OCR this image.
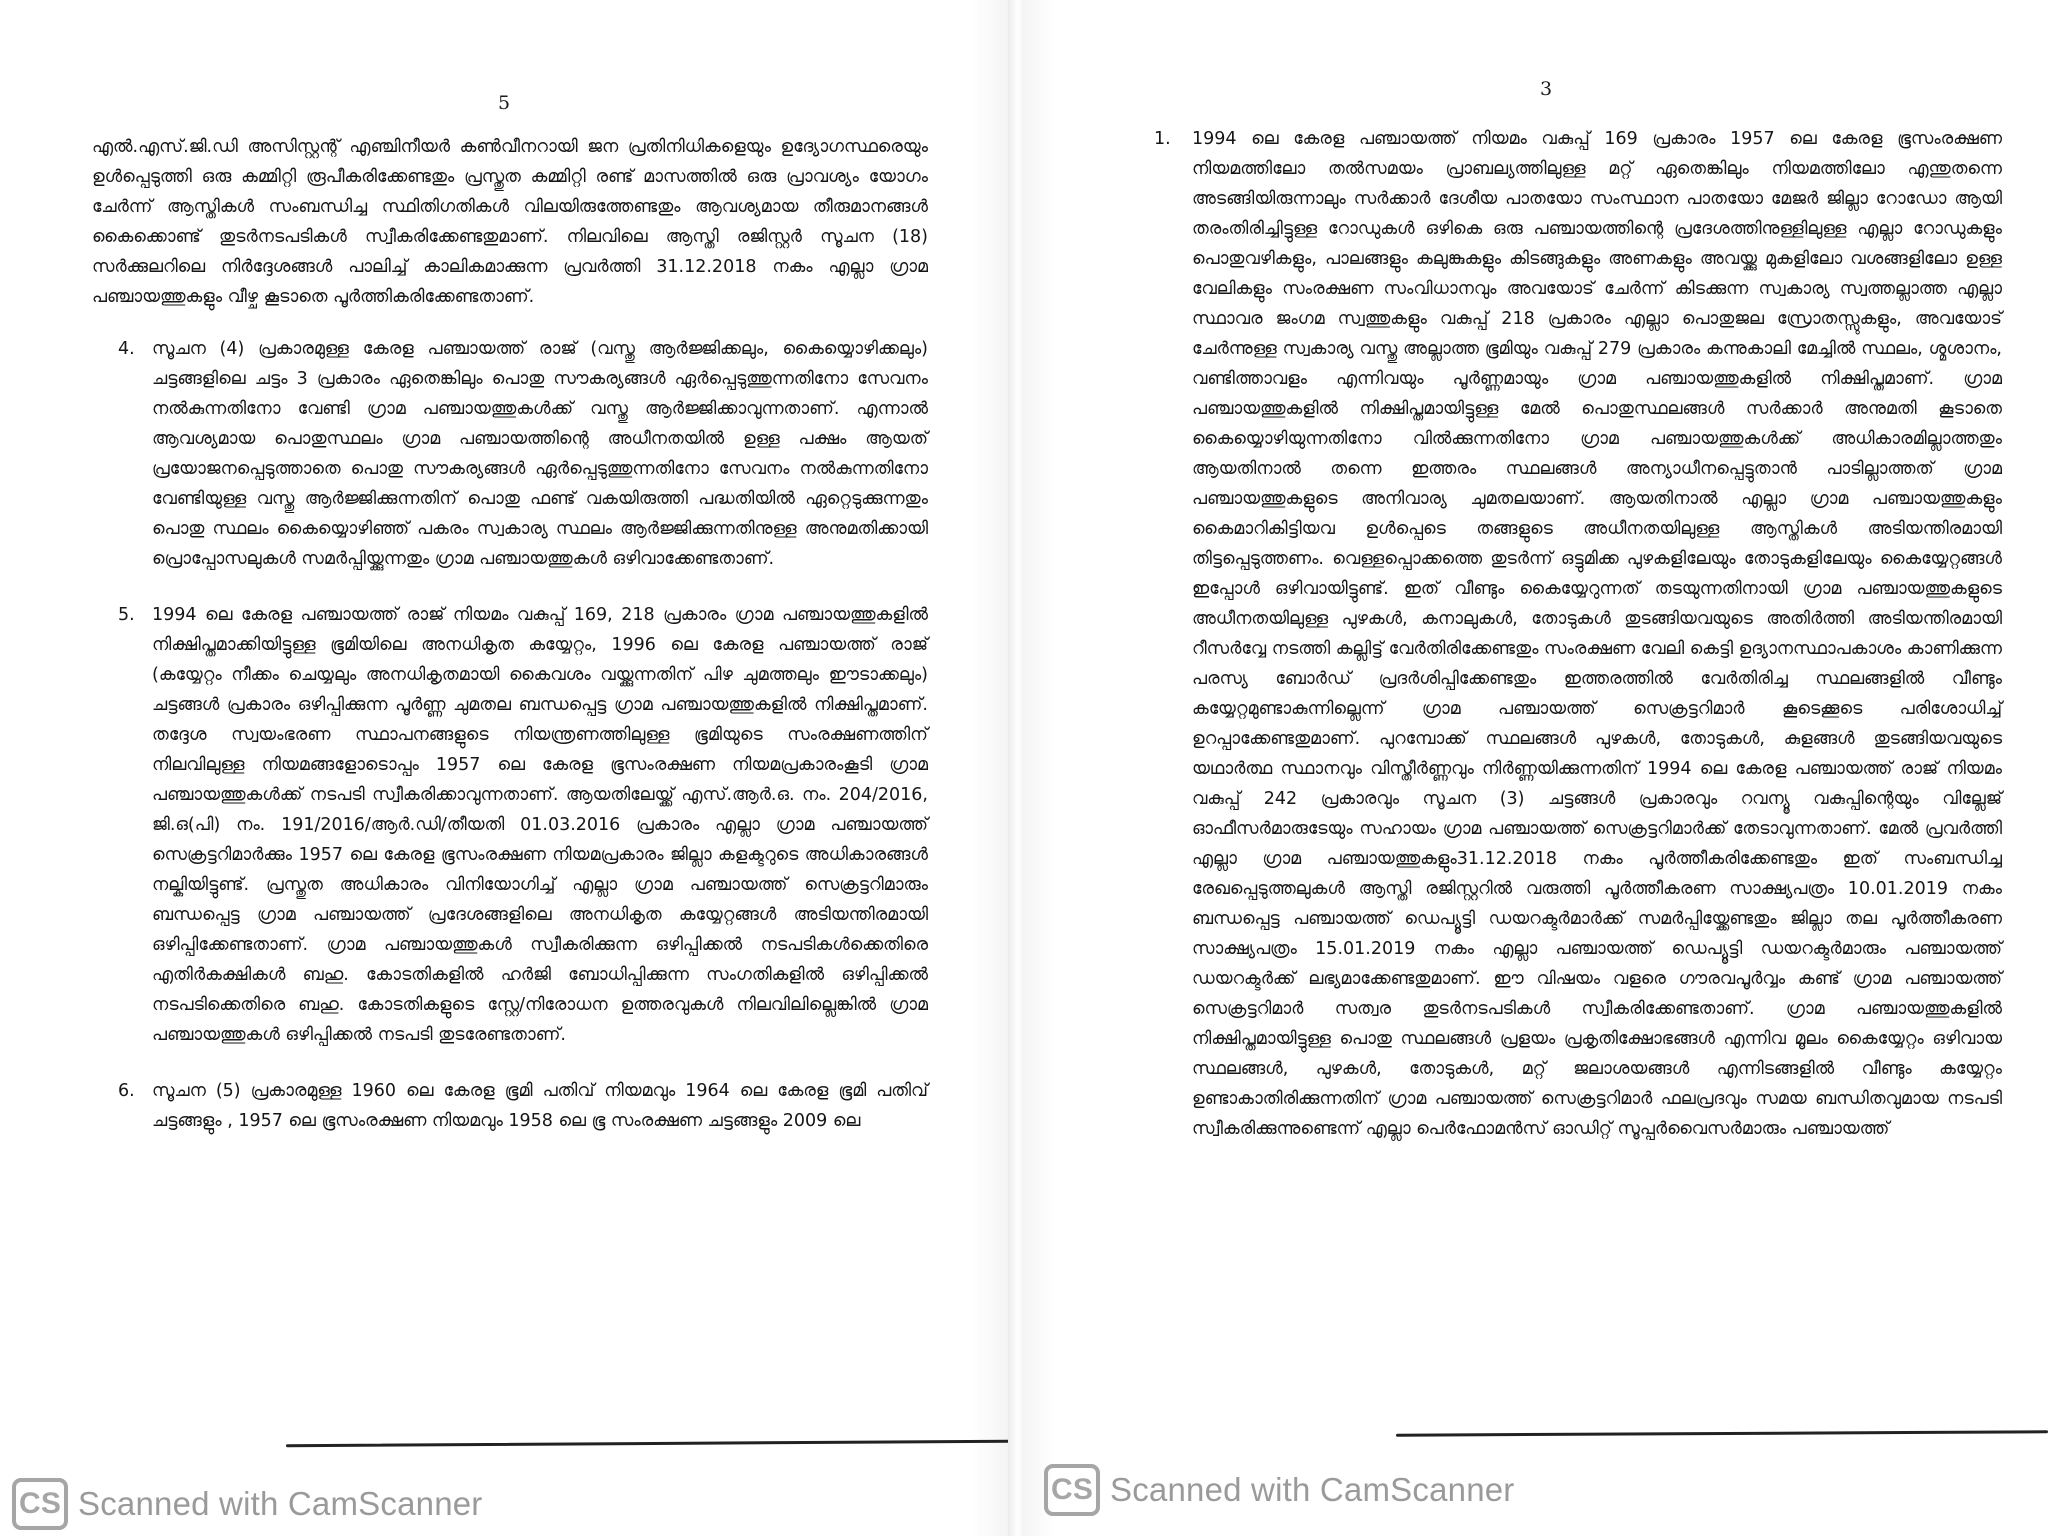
5

എൽ.എസ്.ജി.ഡി അസിസ്റ്റന്റ് എഞ്ചിനീയർ കൺവീനറായി ജന പ്രതിനിധികളെയും ഉദ്യോഗസ്ഥരെയും ഉൾപ്പെടുത്തി ഒരു കമ്മിറ്റി രൂപീകരിക്കേണ്ടതും പ്രസ്തുത കമ്മിറ്റി രണ്ട് മാസത്തിൽ ഒരു പ്രാവശ്യം യോഗം ചേർന്ന് ആസ്തികൾ സംബന്ധിച്ച സ്ഥിതിഗതികൾ വിലയിരുത്തേണ്ടതും ആവശ്യമായ തീരുമാനങ്ങൾ കൈക്കൊണ്ട് തുടർനടപടികൾ സ്വീകരിക്കേണ്ടതുമാണ്. നിലവിലെ ആസ്തി രജിസ്റ്റർ സൂചന (18) സർക്കുലറിലെ നിർദ്ദേശങ്ങൾ പാലിച്ച് കാലികമാക്കുന്ന പ്രവർത്തി 31.12.2018 നകം എല്ലാ ഗ്രാമ പഞ്ചായത്തുകളും വീഴ്ച കൂടാതെ പൂർത്തികരിക്കേണ്ടതാണ്.

4. സൂചന (4) പ്രകാരമുള്ള കേരള പഞ്ചായത്ത് രാജ് (വസ്തു ആർജ്ജിക്കലും, കൈയ്യൊഴിക്കലും) ചട്ടങ്ങളിലെ ചട്ടം 3 പ്രകാരം ഏതെങ്കിലും പൊതു സൗകര്യങ്ങൾ ഏർപ്പെടുത്തുന്നതിനോ സേവനം നൽകുന്നതിനോ വേണ്ടി ഗ്രാമ പഞ്ചായത്തുകൾക്ക് വസ്തു ആർജ്ജിക്കാവുന്നതാണ്. എന്നാൽ ആവശ്യമായ പൊതുസ്ഥലം ഗ്രാമ പഞ്ചായത്തിന്റെ അധീനതയിൽ ഉള്ള പക്ഷം ആയത് പ്രയോജനപ്പെടുത്താതെ പൊതു സൗകര്യങ്ങൾ ഏർപ്പെടുത്തുന്നതിനോ സേവനം നൽകുന്നതിനോ വേണ്ടിയുള്ള വസ്തു ആർജ്ജിക്കുന്നതിന് പൊതു ഫണ്ട് വകയിരുത്തി പദ്ധതിയിൽ ഏറ്റെടുക്കുന്നതും പൊതു സ്ഥലം കൈയ്യൊഴിഞ്ഞ് പകരം സ്വകാര്യ സ്ഥലം ആർജ്ജിക്കുന്നതിനുള്ള അനുമതിക്കായി പ്രൊപ്പോസലുകൾ സമർപ്പിയ്ക്കുന്നതും ഗ്രാമ പഞ്ചായത്തുകൾ ഒഴിവാക്കേണ്ടതാണ്.
5. 1994 ലെ കേരള പഞ്ചായത്ത് രാജ് നിയമം വകുപ്പ് 169, 218 പ്രകാരം ഗ്രാമ പഞ്ചായത്തുകളിൽ നിക്ഷിപ്തമാക്കിയിട്ടുള്ള ഭൂമിയിലെ അനധികൃത കയ്യേറ്റം, 1996 ലെ കേരള പഞ്ചായത്ത് രാജ് (കയ്യേറ്റം നീക്കം ചെയ്യലും അനധികൃതമായി കൈവശം വയ്ക്കുന്നതിന് പിഴ ചുമത്തലും ഈടാക്കലും) ചട്ടങ്ങൾ പ്രകാരം ഒഴിപ്പിക്കുന്ന പൂർണ്ണ ചുമതല ബന്ധപ്പെട്ട ഗ്രാമ പഞ്ചായത്തുകളിൽ നിക്ഷിപ്തമാണ്. തദ്ദേശ സ്വയംഭരണ സ്ഥാപനങ്ങളുടെ നിയന്ത്രണത്തിലുള്ള ഭൂമിയുടെ സംരക്ഷണത്തിന് നിലവിലുള്ള നിയമങ്ങളോടൊപ്പം 1957 ലെ കേരള ഭൂസംരക്ഷണ നിയമപ്രകാരംകൂടി ഗ്രാമ പഞ്ചായത്തുകൾക്ക് നടപടി സ്വീകരിക്കാവുന്നതാണ്. ആയതിലേയ്ക്ക് എസ്.ആർ.ഒ. നം. 204/2016, ജി.ഒ(പി) നം. 191/2016/ആർ.ഡി/തീയതി 01.03.2016 പ്രകാരം എല്ലാ ഗ്രാമ പഞ്ചായത്ത് സെക്രട്ടറിമാർക്കും 1957 ലെ കേരള ഭൂസംരക്ഷണ നിയമപ്രകാരം ജില്ലാ കളക്ടറുടെ അധികാരങ്ങൾ നല്കിയിട്ടുണ്ട്. പ്രസ്തുത അധികാരം വിനിയോഗിച്ച് എല്ലാ ഗ്രാമ പഞ്ചായത്ത് സെക്രട്ടറിമാരും ബന്ധപ്പെട്ട ഗ്രാമ പഞ്ചായത്ത് പ്രദേശങ്ങളിലെ അനധികൃത കയ്യേറ്റങ്ങൾ അടിയന്തിരമായി ഒഴിപ്പിക്കേണ്ടതാണ്. ഗ്രാമ പഞ്ചായത്തുകൾ സ്വീകരിക്കുന്ന ഒഴിപ്പിക്കൽ നടപടികൾക്കെതിരെ എതിർകക്ഷികൾ ബഹു. കോടതികളിൽ ഹർജി ബോധിപ്പിക്കുന്ന സംഗതികളിൽ ഒഴിപ്പിക്കൽ നടപടിക്കെതിരെ ബഹു. കോടതികളുടെ സ്റ്റേ/നിരോധന ഉത്തരവുകൾ നിലവിലില്ലെങ്കിൽ ഗ്രാമ പഞ്ചായത്തുകൾ ഒഴിപ്പിക്കൽ നടപടി തുടരേണ്ടതാണ്.
6. സൂചന (5) പ്രകാരമുള്ള 1960 ലെ കേരള ഭൂമി പതിവ് നിയമവും 1964 ലെ കേരള ഭൂമി പതിവ് ചട്ടങ്ങളും , 1957 ലെ ഭൂസംരക്ഷണ നിയമവും 1958 ലെ ഭൂ സംരക്ഷണ ചട്ടങ്ങളും 2009 ലെ
CS Scanned with CamScanner
3
1.	1994 ലെ കേരള പഞ്ചായത്ത് നിയമം വകുപ്പ് 169 പ്രകാരം 1957 ലെ കേരള ഭൂസംരക്ഷണ നിയമത്തിലോ തൽസമയം പ്രാബല്യത്തിലുള്ള മറ്റ് ഏതെങ്കിലും നിയമത്തിലോ എന്തുതന്നെ അടങ്ങിയിരുന്നാലും സർക്കാർ ദേശീയ പാതയോ സംസ്ഥാന പാതയോ മേജർ ജില്ലാ റോഡോ ആയി തരംതിരിച്ചിട്ടുള്ള റോഡുകൾ ഒഴികെ ഒരു പഞ്ചായത്തിന്റെ പ്രദേശത്തിനുള്ളിലുള്ള എല്ലാ റോഡുകളും പൊതുവഴികളും, പാലങ്ങളും കലുങ്കുകളും കിടങ്ങുകളും അണകളും അവയ്ക്കു മുകളിലോ വശങ്ങളിലോ ഉള്ള വേലികളും സംരക്ഷണ സംവിധാനവും അവയോട് ചേർന്ന് കിടക്കുന്ന സ്വകാര്യ സ്വത്തല്ലാത്ത എല്ലാ സ്ഥാവര ജംഗമ സ്വത്തുകളും വകുപ്പ് 218 പ്രകാരം എല്ലാ പൊതുജല സ്രോതസ്സുകളും, അവയോട് ചേർന്നുള്ള സ്വകാര്യ വസ്തു അല്ലാത്ത ഭൂമിയും വകുപ്പ് 279 പ്രകാരം കന്നുകാലി മേച്ചിൽ സ്ഥലം, ശ്മശാനം, വണ്ടിത്താവളം എന്നിവയും പൂർണ്ണമായും ഗ്രാമ പഞ്ചായത്തുകളിൽ നിക്ഷിപ്തമാണ്. ഗ്രാമ പഞ്ചായത്തുകളിൽ നിക്ഷിപ്തമായിട്ടുള്ള മേൽ പൊതുസ്ഥലങ്ങൾ സർക്കാർ അനുമതി കൂടാതെ കൈയ്യൊഴിയുന്നതിനോ വിൽക്കുന്നതിനോ ഗ്രാമ പഞ്ചായത്തുകൾക്ക് അധികാരമില്ലാത്തതും ആയതിനാൽ തന്നെ ഇത്തരം സ്ഥലങ്ങൾ അന്യാധീനപ്പെട്ടുതാൻ പാടില്ലാത്തത് ഗ്രാമ പഞ്ചായത്തുകളുടെ അനിവാര്യ ചുമതലയാണ്. ആയതിനാൽ എല്ലാ ഗ്രാമ പഞ്ചായത്തുകളും കൈമാറികിട്ടിയവ ഉൾപ്പെടെ തങ്ങളുടെ അധീനതയിലുള്ള ആസ്തികൾ അടിയന്തിരമായി തിട്ടപ്പെടുത്തണം. വെള്ളപ്പൊക്കത്തെ തുടർന്ന് ഒട്ടുമിക്ക പുഴകളിലേയും തോടുകളിലേയും കൈയ്യേറ്റങ്ങൾ ഇപ്പോൾ ഒഴിവായിട്ടുണ്ട്. ഇത് വീണ്ടും കൈയ്യേറുന്നത് തടയുന്നതിനായി ഗ്രാമ പഞ്ചായത്തുകളുടെ അധീനതയിലുള്ള പുഴകൾ, കനാലുകൾ, തോടുകൾ തുടങ്ങിയവയുടെ അതിർത്തി അടിയന്തിരമായി റീസർവ്വേ നടത്തി കല്ലിട്ട് വേർതിരിക്കേണ്ടതും സംരക്ഷണ വേലി കെട്ടി ഉദ്യാനസ്ഥാപകാശം കാണിക്കുന്ന പരസ്യ ബോർഡ് പ്രദർശിപ്പിക്കേണ്ടതും ഇത്തരത്തിൽ വേർതിരിച്ച സ്ഥലങ്ങളിൽ വീണ്ടും കയ്യേറ്റമുണ്ടാകുന്നില്ലെന്ന് ഗ്രാമ പഞ്ചായത്ത് സെക്രട്ടറിമാർ കൂടെക്കൂടെ പരിശോധിച്ച് ഉറപ്പാക്കേണ്ടതുമാണ്. പുറമ്പോക്ക് സ്ഥലങ്ങൾ പുഴകൾ, തോടുകൾ, കുളങ്ങൾ തുടങ്ങിയവയുടെ യഥാർത്ഥ സ്ഥാനവും വിസ്തീർണ്ണവും നിർണ്ണയിക്കുന്നതിന് 1994 ലെ കേരള പഞ്ചായത്ത് രാജ് നിയമം വകുപ്പ് 242 പ്രകാരവും സൂചന (3) ചട്ടങ്ങൾ പ്രകാരവും റവന്യൂ വകുപ്പിന്റെയും വില്ലേജ് ഓഫീസർമാരുടേയും സഹായം ഗ്രാമ പഞ്ചായത്ത് സെക്രട്ടറിമാർക്ക് തേടാവുന്നതാണ്. മേൽ പ്രവർത്തി എല്ലാ ഗ്രാമ പഞ്ചായത്തുകളും31.12.2018 നകം പൂർത്തീകരിക്കേണ്ടതും ഇത് സംബന്ധിച്ച രേഖപ്പെടുത്തലുകൾ ആസ്തി രജിസ്റ്ററിൽ വരുത്തി പൂർത്തീകരണ സാക്ഷ്യപത്രം 10.01.2019 നകം ബന്ധപ്പെട്ട പഞ്ചായത്ത് ഡെപ്യൂട്ടി ഡയറക്ടർമാർക്ക് സമർപ്പിയ്ക്കേണ്ടതും ജില്ലാ തല പൂർത്തീകരണ സാക്ഷ്യപത്രം 15.01.2019 നകം എല്ലാ പഞ്ചായത്ത് ഡെപ്യൂട്ടി ഡയറക്ടർമാരും പഞ്ചായത്ത് ഡയറക്ടർക്ക് ലഭ്യമാക്കേണ്ടതുമാണ്. ഈ വിഷയം വളരെ ഗൗരവപൂർവ്വം കണ്ട് ഗ്രാമ പഞ്ചായത്ത് സെക്രട്ടറിമാർ സത്വര തുടർനടപടികൾ സ്വീകരിക്കേണ്ടതാണ്. ഗ്രാമ പഞ്ചായത്തുകളിൽ നിക്ഷിപ്തമായിട്ടുള്ള പൊതു സ്ഥലങ്ങൾ പ്രളയം പ്രകൃതിക്ഷോഭങ്ങൾ എന്നിവ മൂലം കൈയ്യേറ്റം ഒഴിവായ സ്ഥലങ്ങൾ, പുഴകൾ, തോടുകൾ, മറ്റ് ജലാശയങ്ങൾ എന്നിടങ്ങളിൽ വീണ്ടും കയ്യേറ്റം ഉണ്ടാകാതിരിക്കുന്നതിന് ഗ്രാമ പഞ്ചായത്ത് സെക്രട്ടറിമാർ ഫലപ്രദവും സമയ ബന്ധിതവുമായ നടപടി സ്വീകരിക്കുന്നുണ്ടെന്ന് എല്ലാ പെർഫോമൻസ് ഓഡിറ്റ് സൂപ്പർവൈസർമാരും പഞ്ചായത്ത്
CS Scanned with CamScanner
